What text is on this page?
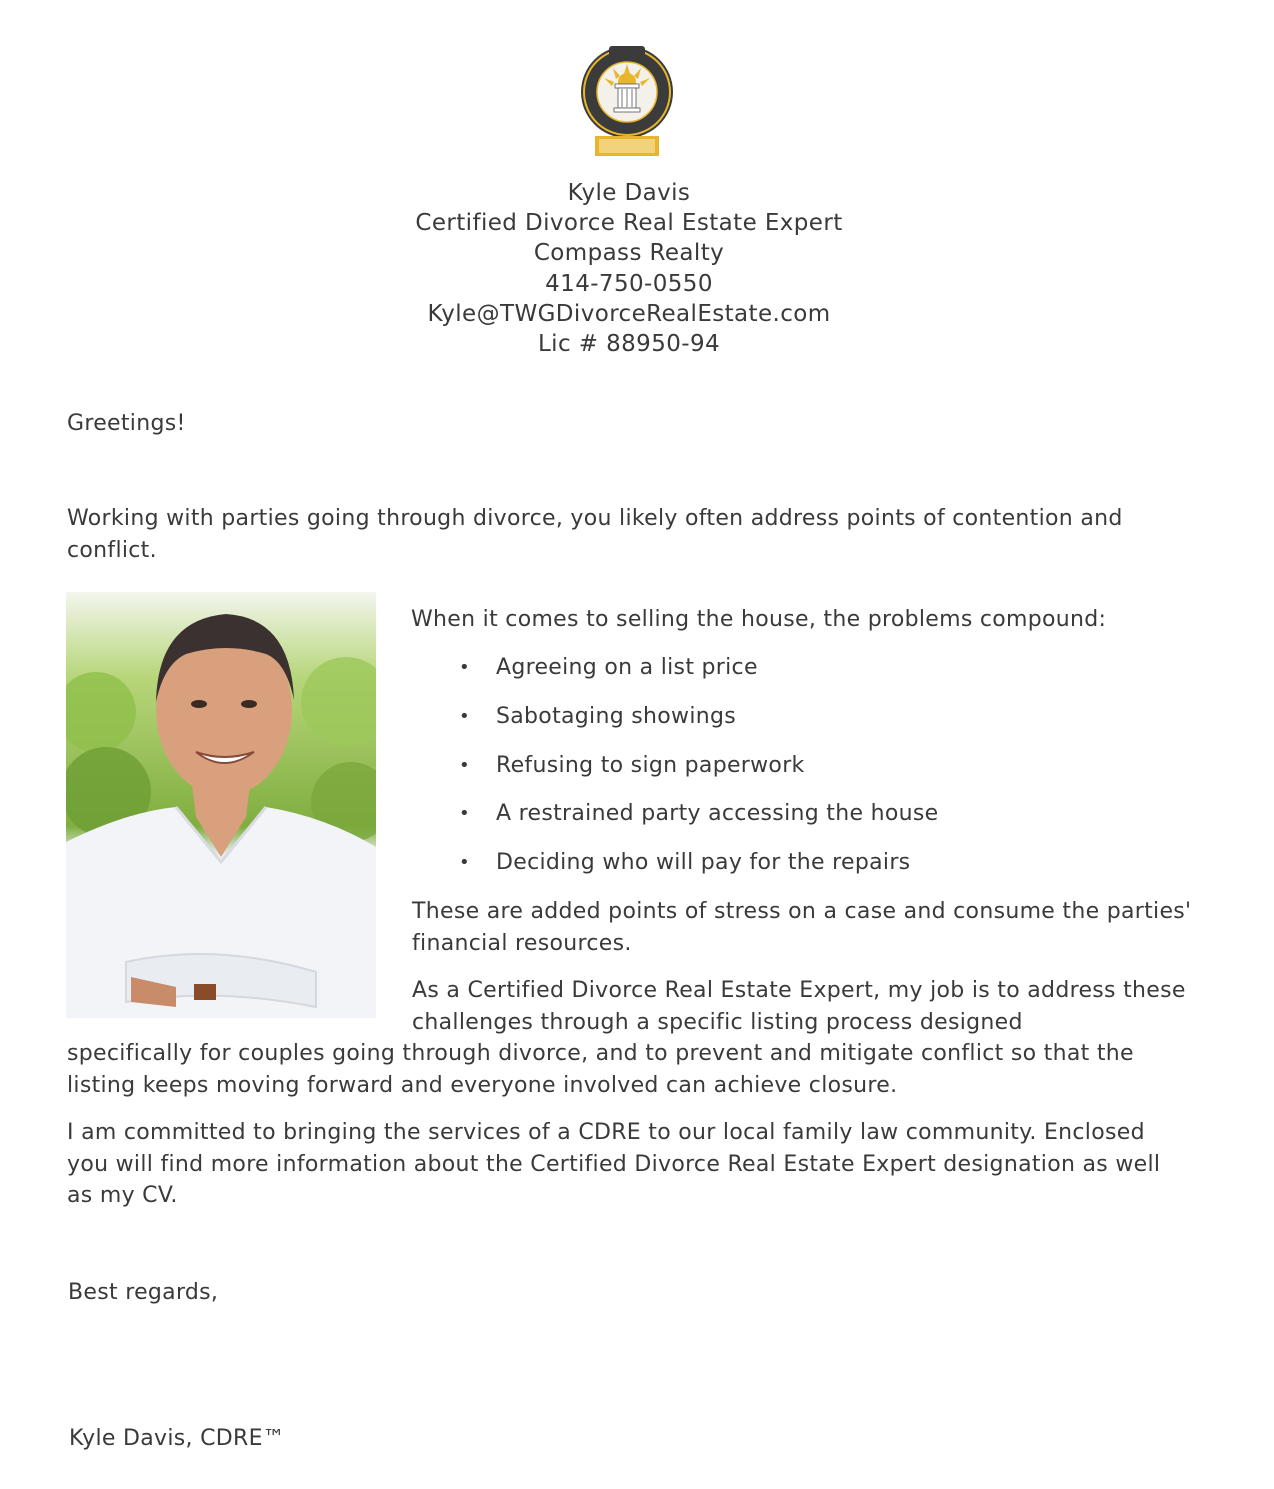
Kyle Davis
Certified Divorce Real Estate Expert
Compass Realty
414-750-0550
Kyle@TWGDivorceRealEstate.com
Lic # 88950-94

Greetings!

Working with parties going through divorce, you likely often address points of contention and conflict.

When it comes to selling the house, the problems compound:

• Agreeing on a list price
• Sabotaging showings
• Refusing to sign paperwork
• A restrained party accessing the house
• Deciding who will pay for the repairs

These are added points of stress on a case and consume the parties' financial resources.

As a Certified Divorce Real Estate Expert, my job is to address these challenges through a specific listing process designed

specifically for couples going through divorce, and to prevent and mitigate conflict so that the listing keeps moving forward and everyone involved can achieve closure.

I am committed to bringing the services of a CDRE to our local family law community. Enclosed you will find more information about the Certified Divorce Real Estate Expert designation as well as my CV.

Best regards,

Kyle Davis, CDRE™
